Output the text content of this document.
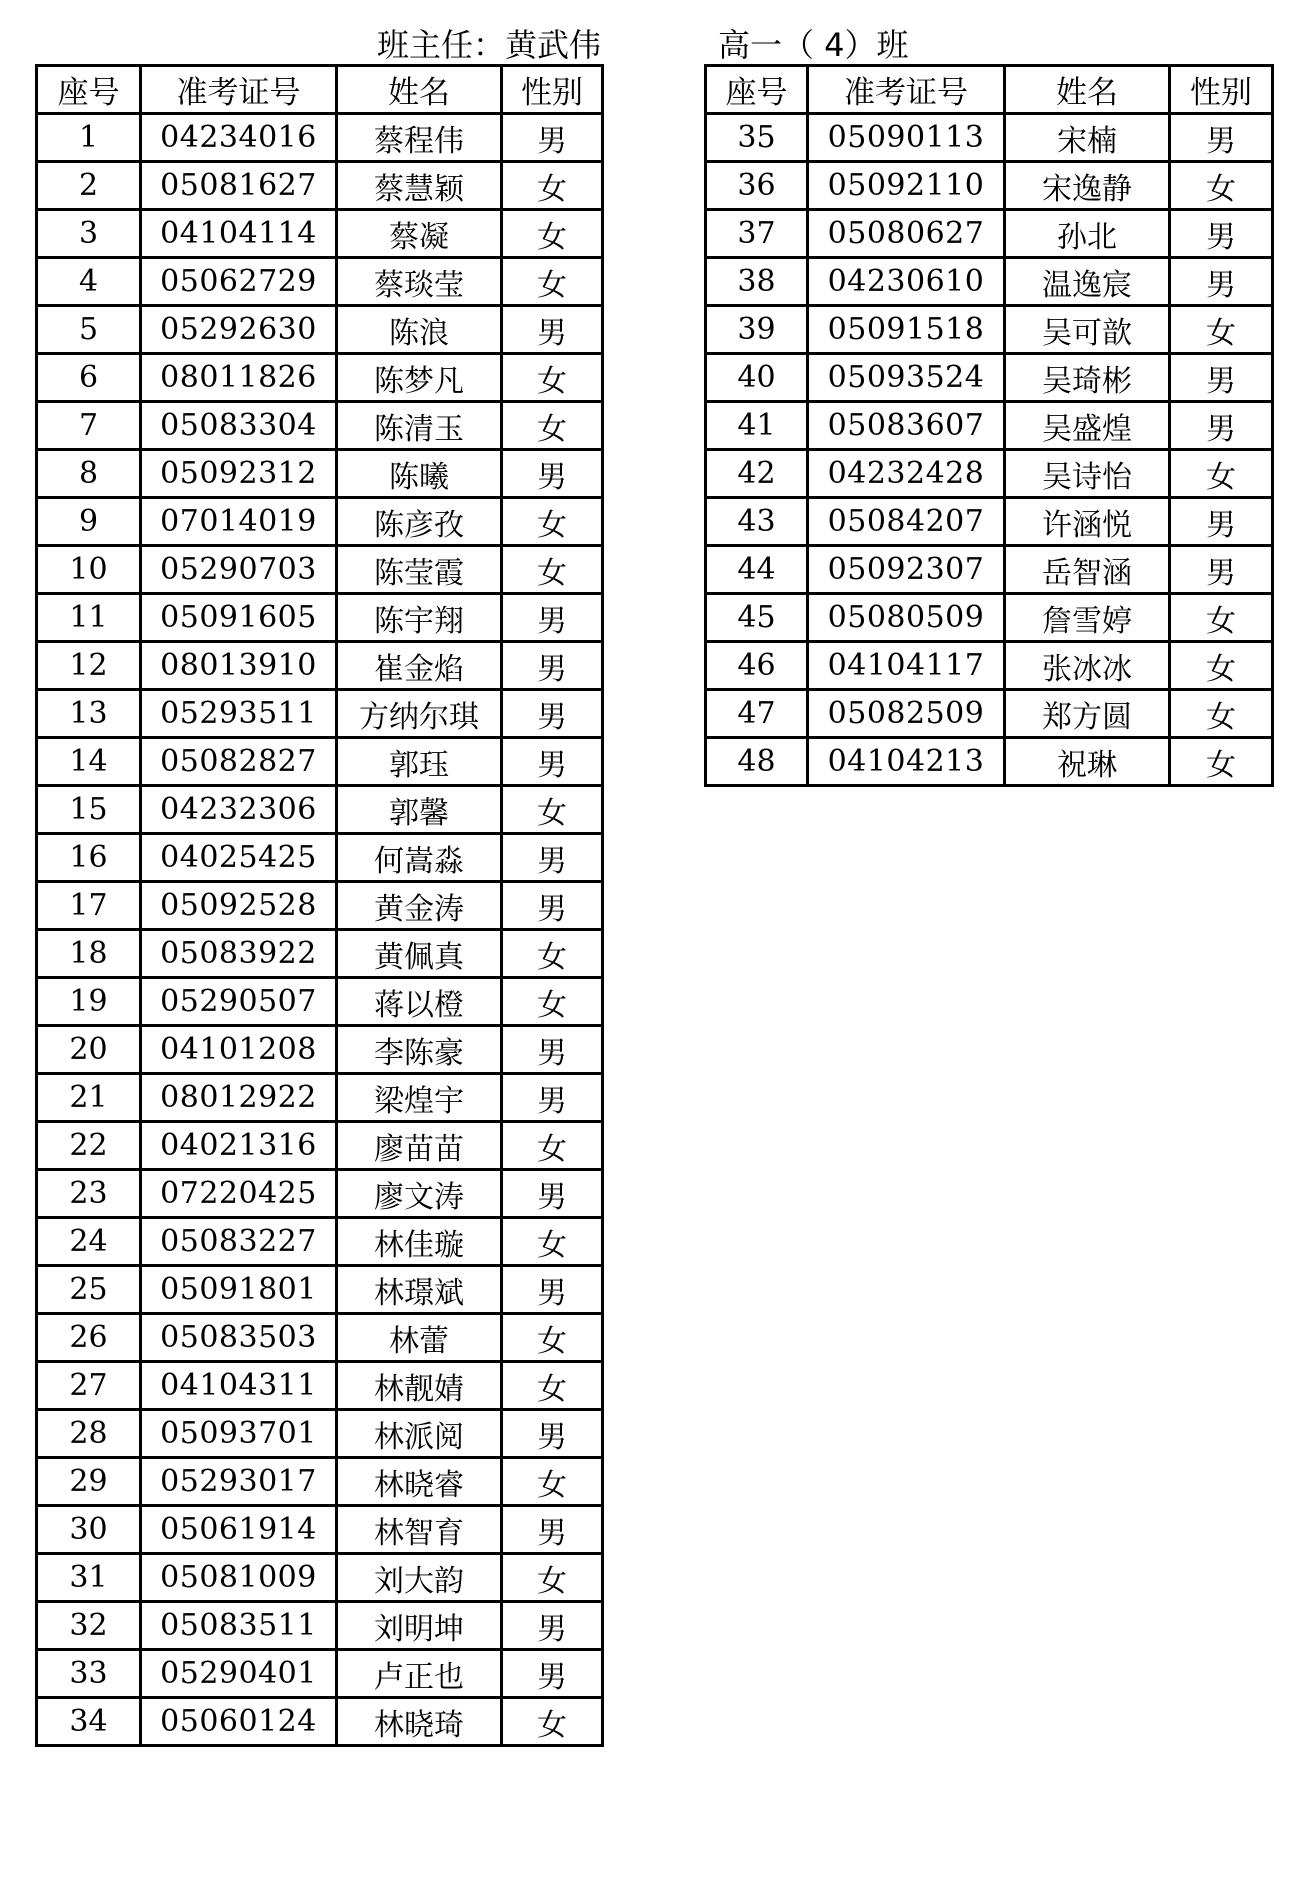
班主任：黄武伟	高一（ 4）班
座号	准考证号	姓名	性别
1	04234016	蔡程伟	男
2	05081627	蔡慧颖	女
3	04104114	蔡凝	女
4	05062729	蔡琰莹	女
5	05292630	陈浪	男
6	08011826	陈梦凡	女
7	05083304	陈清玉	女
8	05092312	陈曦	男
9	07014019	陈彦孜	女
10	05290703	陈莹霞	女
11	05091605	陈宇翔	男
12	08013910	崔金焰	男
13	05293511	方纳尔琪	男
14	05082827	郭珏	男
15	04232306	郭馨	女
16	04025425	何嵩淼	男
17	05092528	黄金涛	男
18	05083922	黄佩真	女
19	05290507	蒋以橙	女
20	04101208	李陈豪	男
21	08012922	梁煌宇	男
22	04021316	廖苗苗	女
23	07220425	廖文涛	男
24	05083227	林佳璇	女
25	05091801	林璟斌	男
26	05083503	林蕾	女
27	04104311	林靓婧	女
28	05093701	林派阅	男
29	05293017	林晓睿	女
30	05061914	林智育	男
31	05081009	刘大韵	女
32	05083511	刘明坤	男
33	05290401	卢正也	男
34	05060124	林晓琦	女
座号	准考证号	姓名	性别
35	05090113	宋楠	男
36	05092110	宋逸静	女
37	05080627	孙北	男
38	04230610	温逸宸	男
39	05091518	吴可歆	女
40	05093524	吴琦彬	男
41	05083607	吴盛煌	男
42	04232428	吴诗怡	女
43	05084207	许涵悦	男
44	05092307	岳智涵	男
45	05080509	詹雪婷	女
46	04104117	张冰冰	女
47	05082509	郑方圆	女
48	04104213	祝琳	女
